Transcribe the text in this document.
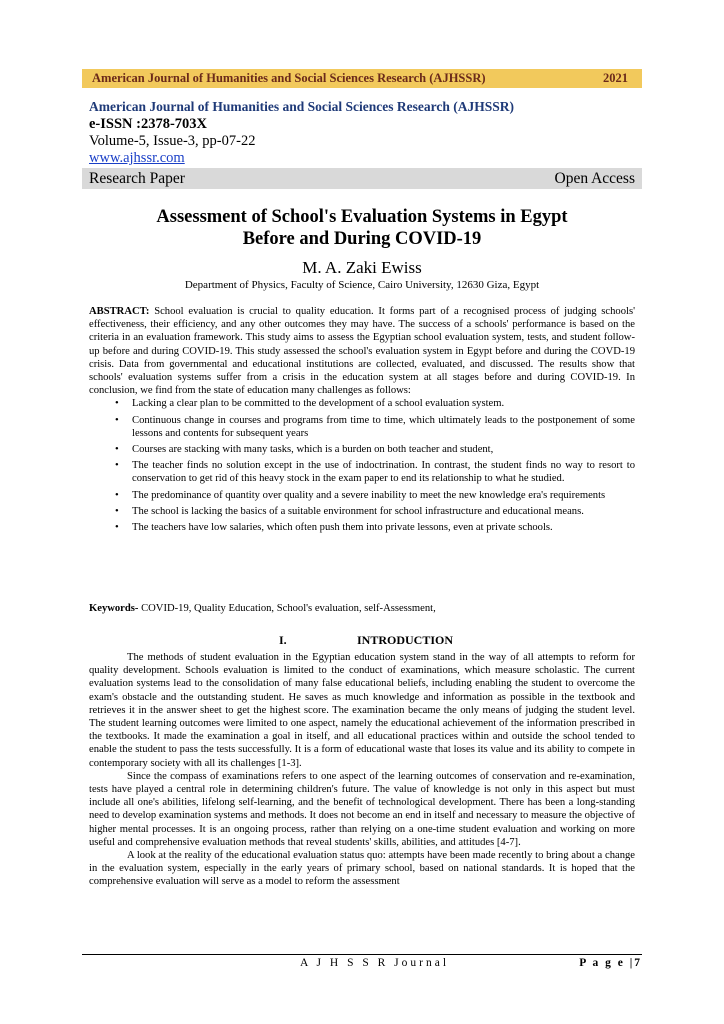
American Journal of Humanities and Social Sciences Research (AJHSSR)	2021
American Journal of Humanities and Social Sciences Research (AJHSSR)
e-ISSN :2378-703X
Volume-5, Issue-3, pp-07-22
www.ajhssr.com
Research Paper	Open Access
Assessment of School's Evaluation Systems in Egypt
Before and During COVID-19
M. A. Zaki Ewiss
Department of Physics, Faculty of Science, Cairo University, 12630 Giza, Egypt
ABSTRACT: School evaluation is crucial to quality education. It forms part of a recognised process of judging schools' effectiveness, their efficiency, and any other outcomes they may have. The success of a schools' performance is based on the criteria in an evaluation framework. This study aims to assess the Egyptian school evaluation system, tests, and student follow-up before and during COVID-19. This study assessed the school's evaluation system in Egypt before and during the COVD-19 crisis. Data from governmental and educational institutions are collected, evaluated, and discussed. The results show that schools' evaluation systems suffer from a crisis in the education system at all stages before and during COVID-19. In conclusion, we find from the state of education many challenges as follows:
• Lacking a clear plan to be committed to the development of a school evaluation system.
• Continuous change in courses and programs from time to time, which ultimately leads to the postponement of some lessons and contents for subsequent years
• Courses are stacking with many tasks, which is a burden on both teacher and student,
• The teacher finds no solution except in the use of indoctrination. In contrast, the student finds no way to resort to conservation to get rid of this heavy stock in the exam paper to end its relationship to what he studied.
• The predominance of quantity over quality and a severe inability to meet the new knowledge era's requirements
• The school is lacking the basics of a suitable environment for school infrastructure and educational means.
• The teachers have low salaries, which often push them into private lessons, even at private schools.
Keywords- COVID-19, Quality Education, School's evaluation, self-Assessment,
I.	INTRODUCTION

The methods of student evaluation in the Egyptian education system stand in the way of all attempts to reform for quality development. Schools evaluation is limited to the conduct of examinations, which measure scholastic. The current evaluation systems lead to the consolidation of many false educational beliefs, including enabling the student to overcome the exam's obstacle and the outstanding student. He saves as much knowledge and information as possible in the textbook and retrieves it in the answer sheet to get the highest score. The examination became the only means of judging the student level. The student learning outcomes were limited to one aspect, namely the educational achievement of the information prescribed in the textbooks. It made the examination a goal in itself, and all educational practices within and outside the school tended to enable the student to pass the tests successfully. It is a form of educational waste that loses its value and its ability to compete in contemporary society with all its challenges [1-3].

Since the compass of examinations refers to one aspect of the learning outcomes of conservation and re-examination, tests have played a central role in determining children's future. The value of knowledge is not only in this aspect but must include all one's abilities, lifelong self-learning, and the benefit of technological development. There has been a long-standing need to develop examination systems and methods. It does not become an end in itself and necessary to measure the objective of higher mental processes. It is an ongoing process, rather than relying on a one-time student evaluation and working on more useful and comprehensive evaluation methods that reveal students' skills, abilities, and attitudes [4-7].

A look at the reality of the educational evaluation status quo: attempts have been made recently to bring about a change in the evaluation system, especially in the early years of primary school, based on national standards. It is hoped that the comprehensive evaluation will serve as a model to reform the assessment

A J H S S R Journal	P a g e |7
